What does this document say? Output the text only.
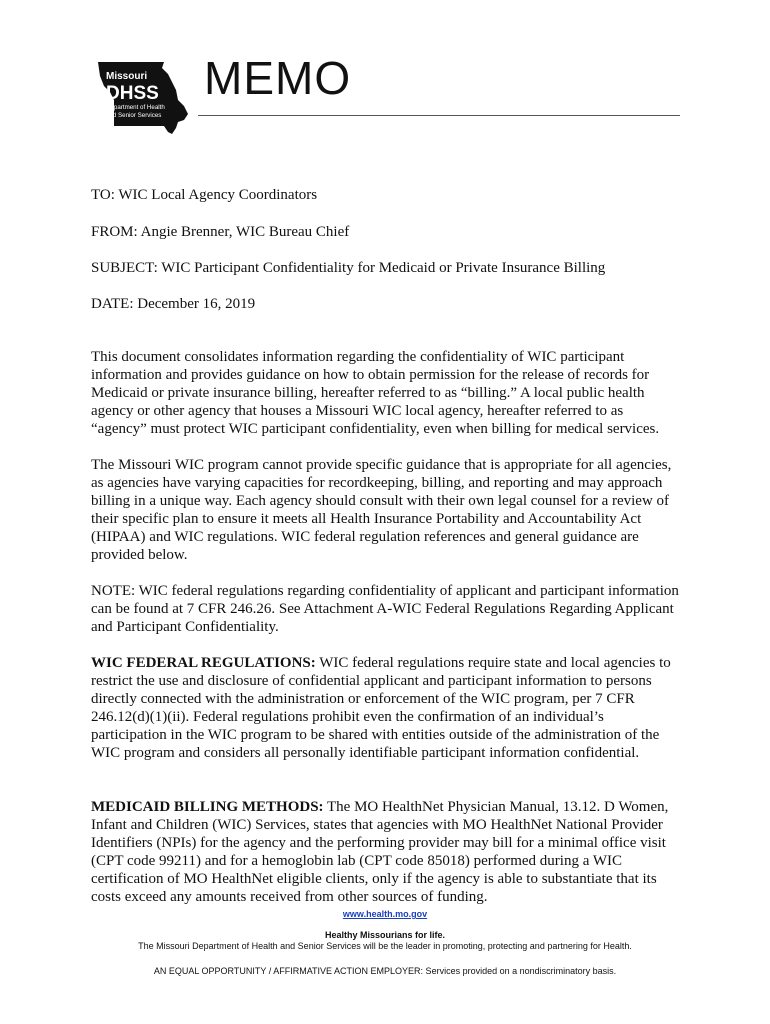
Missouri
DHSS
Department of Health
and Senior Services
MEMO
TO: WIC Local Agency Coordinators
FROM: Angie Brenner, WIC Bureau Chief
SUBJECT: WIC Participant Confidentiality for Medicaid or Private Insurance Billing
DATE: December 16, 2019

This document consolidates information regarding the confidentiality of WIC participant information and provides guidance on how to obtain permission for the release of records for Medicaid or private insurance billing, hereafter referred to as “billing.” A local public health agency or other agency that houses a Missouri WIC local agency, hereafter referred to as “agency” must protect WIC participant confidentiality, even when billing for medical services.

The Missouri WIC program cannot provide specific guidance that is appropriate for all agencies, as agencies have varying capacities for recordkeeping, billing, and reporting and may approach billing in a unique way. Each agency should consult with their own legal counsel for a review of their specific plan to ensure it meets all Health Insurance Portability and Accountability Act (HIPAA) and WIC regulations. WIC federal regulation references and general guidance are provided below.

NOTE: WIC federal regulations regarding confidentiality of applicant and participant information can be found at 7 CFR 246.26. See Attachment A-WIC Federal Regulations Regarding Applicant and Participant Confidentiality.

WIC FEDERAL REGULATIONS: WIC federal regulations require state and local agencies to restrict the use and disclosure of confidential applicant and participant information to persons directly connected with the administration or enforcement of the WIC program, per 7 CFR 246.12(d)(1)(ii). Federal regulations prohibit even the confirmation of an individual’s participation in the WIC program to be shared with entities outside of the administration of the WIC program and considers all personally identifiable participant information confidential.

MEDICAID BILLING METHODS: The MO HealthNet Physician Manual, 13.12. D Women, Infant and Children (WIC) Services, states that agencies with MO HealthNet National Provider Identifiers (NPIs) for the agency and the performing provider may bill for a minimal office visit (CPT code 99211) and for a hemoglobin lab (CPT code 85018) performed during a WIC certification of MO HealthNet eligible clients, only if the agency is able to substantiate that its costs exceed any amounts received from other sources of funding.

www.health.mo.gov
Healthy Missourians for life.
The Missouri Department of Health and Senior Services will be the leader in promoting, protecting and partnering for Health.
AN EQUAL OPPORTUNITY / AFFIRMATIVE ACTION EMPLOYER: Services provided on a nondiscriminatory basis.
